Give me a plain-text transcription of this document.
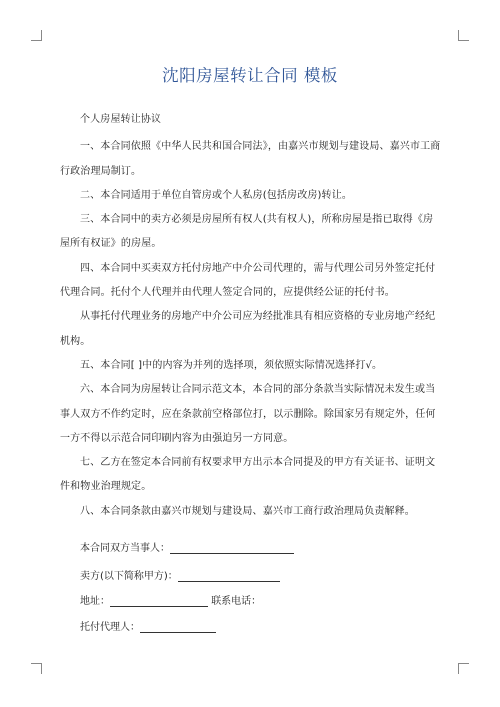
沈阳房屋转让合同 模板

个人房屋转让协议

一、本合同依照《中华人民共和国合同法》，由嘉兴市规划与建设局、嘉兴市工商行政治理局制订。

二、本合同适用于单位自管房或个人私房(包括房改房)转让。

三、本合同中的卖方必须是房屋所有权人(共有权人)，所称房屋是指已取得《房屋所有权证》的房屋。

四、本合同中买卖双方托付房地产中介公司代理的，需与代理公司另外签定托付代理合同。托付个人代理并由代理人签定合同的，应提供经公证的托付书。

从事托付代理业务的房地产中介公司应为经批准具有相应资格的专业房地产经纪机构。

五、本合同[ ]中的内容为并列的选择项，须依照实际情况选择打√。

六、本合同为房屋转让合同示范文本，本合同的部分条款当实际情况未发生或当事人双方不作约定时，应在条款前空格部位打，以示删除。除国家另有规定外，任何一方不得以示范合同印刷内容为由强迫另一方同意。

七、乙方在签定本合同前有权要求甲方出示本合同提及的甲方有关证书、证明文件和物业治理规定。

八、本合同条款由嘉兴市规划与建设局、嘉兴市工商行政治理局负责解释。

本合同双方当事人：
卖方(以下简称甲方)：
地址：	联系电话：
托付代理人：
